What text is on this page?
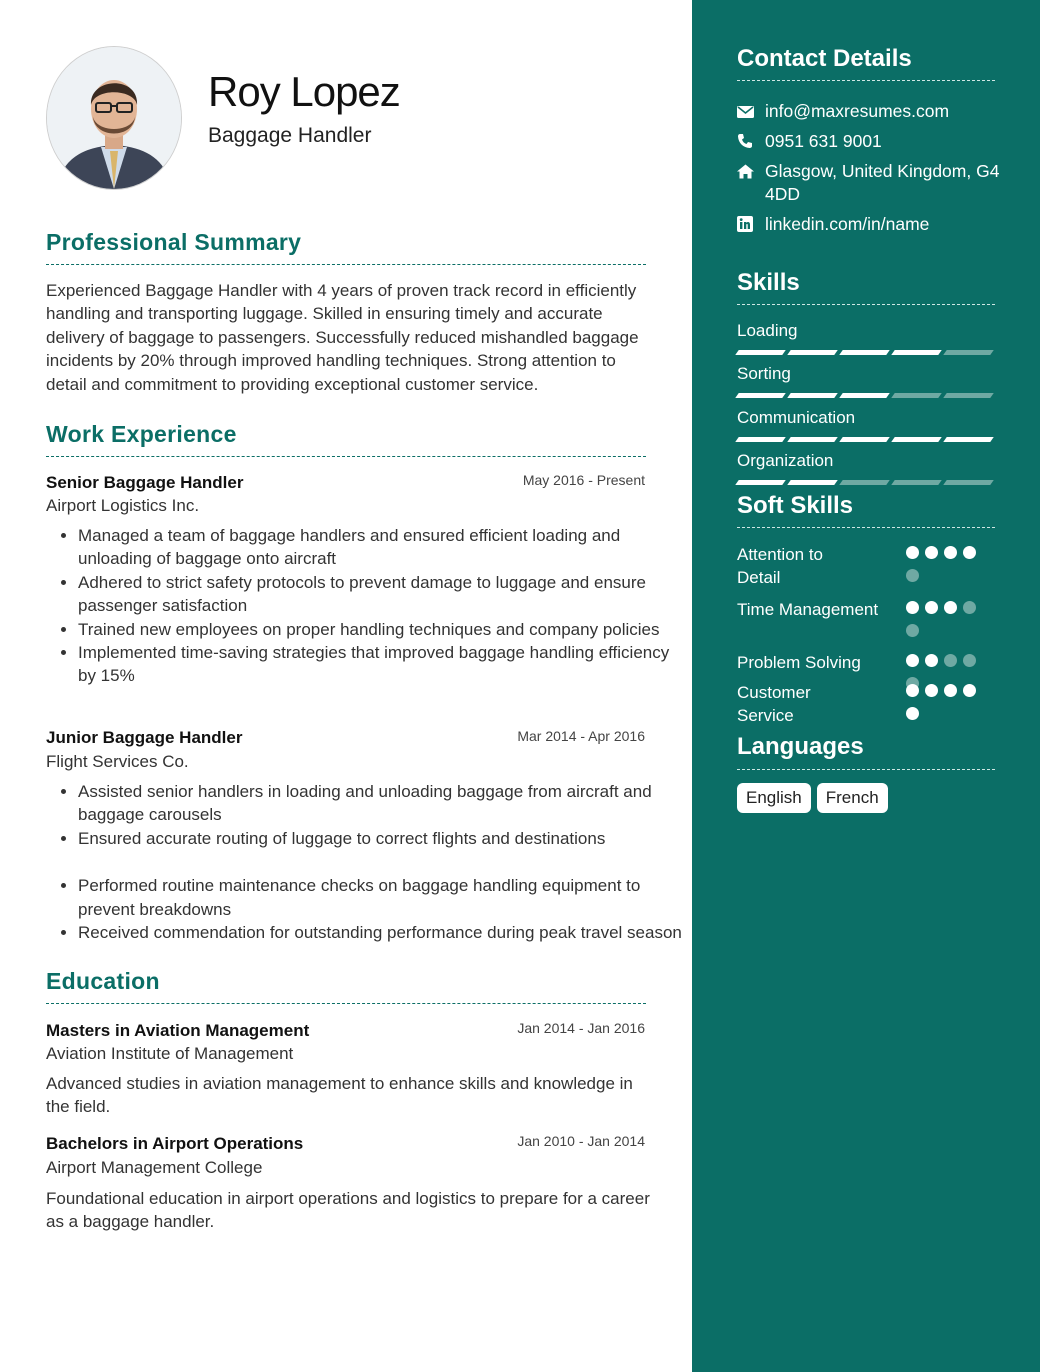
Roy Lopez

Baggage Handler

Professional Summary

Experienced Baggage Handler with 4 years of proven track record in efficiently handling and transporting luggage. Skilled in ensuring timely and accurate delivery of baggage to passengers. Successfully reduced mishandled baggage incidents by 20% through improved handling techniques. Strong attention to detail and commitment to providing exceptional customer service.

Work Experience

Senior Baggage Handler	May 2016 - Present

Airport Logistics Inc.

• Managed a team of baggage handlers and ensured efficient loading and unloading of baggage onto aircraft
• Adhered to strict safety protocols to prevent damage to luggage and ensure passenger satisfaction
• Trained new employees on proper handling techniques and company policies
• Implemented time-saving strategies that improved baggage handling efficiency by 15%

Junior Baggage Handler	Mar 2014 - Apr 2016

Flight Services Co.

• Assisted senior handlers in loading and unloading baggage from aircraft and baggage carousels
• Ensured accurate routing of luggage to correct flights and destinations
• Performed routine maintenance checks on baggage handling equipment to prevent breakdowns
• Received commendation for outstanding performance during peak travel season
Education

Masters in Aviation Management	Jan 2014 - Jan 2016

Aviation Institute of Management

Advanced studies in aviation management to enhance skills and knowledge in the field.

Bachelors in Airport Operations	Jan 2010 - Jan 2014

Airport Management College

Foundational education in airport operations and logistics to prepare for a career as a baggage handler.

Contact Details
info@maxresumes.com
0951 631 9001
Glasgow, United Kingdom, G4 4DD
linkedin.com/in/name
Skills

Loading

Sorting

Communication

Organization

Soft Skills

Attention to Detail

Time Management

Problem Solving

Customer Service

Languages
English	French
